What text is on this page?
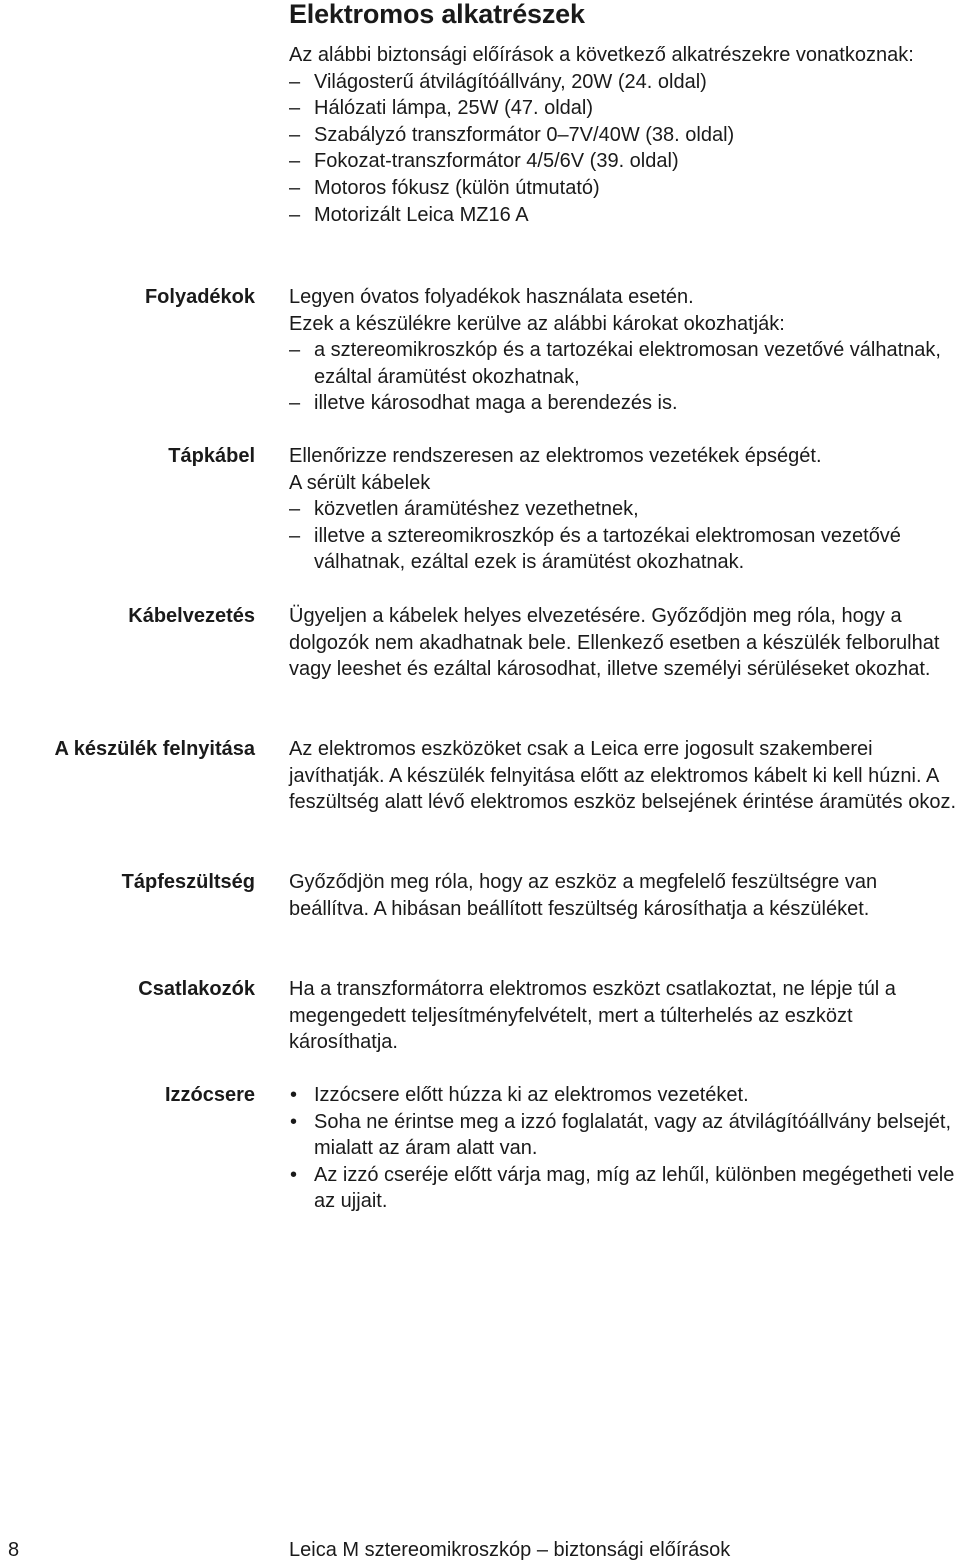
Elektromos alkatrészek

Az alábbi biztonsági előírások a következő alkatrészekre vonatkoznak:

– Világosterű átvilágítóállvány, 20W (24. oldal)
– Hálózati lámpa, 25W (47. oldal)
– Szabályzó transzformátor 0–7V/40W (38. oldal)
– Fokozat-transzformátor 4/5/6V (39. oldal)
– Motoros fókusz (külön útmutató)
– Motorizált Leica MZ16 A
Folyadékok Legyen óvatos folyadékok használata esetén.

Ezek a készülékre kerülve az alábbi károkat okozhatják:

– a sztereomikroszkóp és a tartozékai elektromosan vezetővé válhatnak, ezáltal áramütést okozhatnak,
– illetve károsodhat maga a berendezés is.
Tápkábel Ellenőrizze rendszeresen az elektromos vezetékek épségét.

A sérült kábelek

– közvetlen áramütéshez vezethetnek,
– illetve a sztereomikroszkóp és a tartozékai elektromosan vezetővé válhatnak, ezáltal ezek is áramütést okozhatnak.
Kábelvezetés Ügyeljen a kábelek helyes elvezetésére. Győződjön meg róla, hogy a dolgozók nem akadhatnak bele. Ellenkező esetben a készülék felborulhat vagy leeshet és ezáltal károsodhat, illetve személyi sérüléseket okozhat.

A készülék felnyitása Az elektromos eszközöket csak a Leica erre jogosult szakemberei javíthatják. A készülék felnyitása előtt az elektromos kábelt ki kell húzni. A feszültség alatt lévő elektromos eszköz belsejének érintése áramütés okoz.

Tápfeszültség Győződjön meg róla, hogy az eszköz a megfelelő feszültségre van beállítva. A hibásan beállított feszültség károsíthatja a készüléket.

Csatlakozók Ha a transzformátorra elektromos eszközt csatlakoztat, ne lépje túl a megengedett teljesítményfelvételt, mert a túlterhelés az eszközt károsíthatja.

Izzócsere
•	Izzócsere előtt húzza ki az elektromos vezetéket.
• Soha ne érintse meg a izzó foglalatát, vagy az átvilágítóállvány belsejét, mialatt az áram alatt van.
• Az izzó cseréje előtt várja mag, míg az lehűl, különben megégetheti vele az ujjait.
8	Leica M sztereomikroszkóp – biztonsági előírások
